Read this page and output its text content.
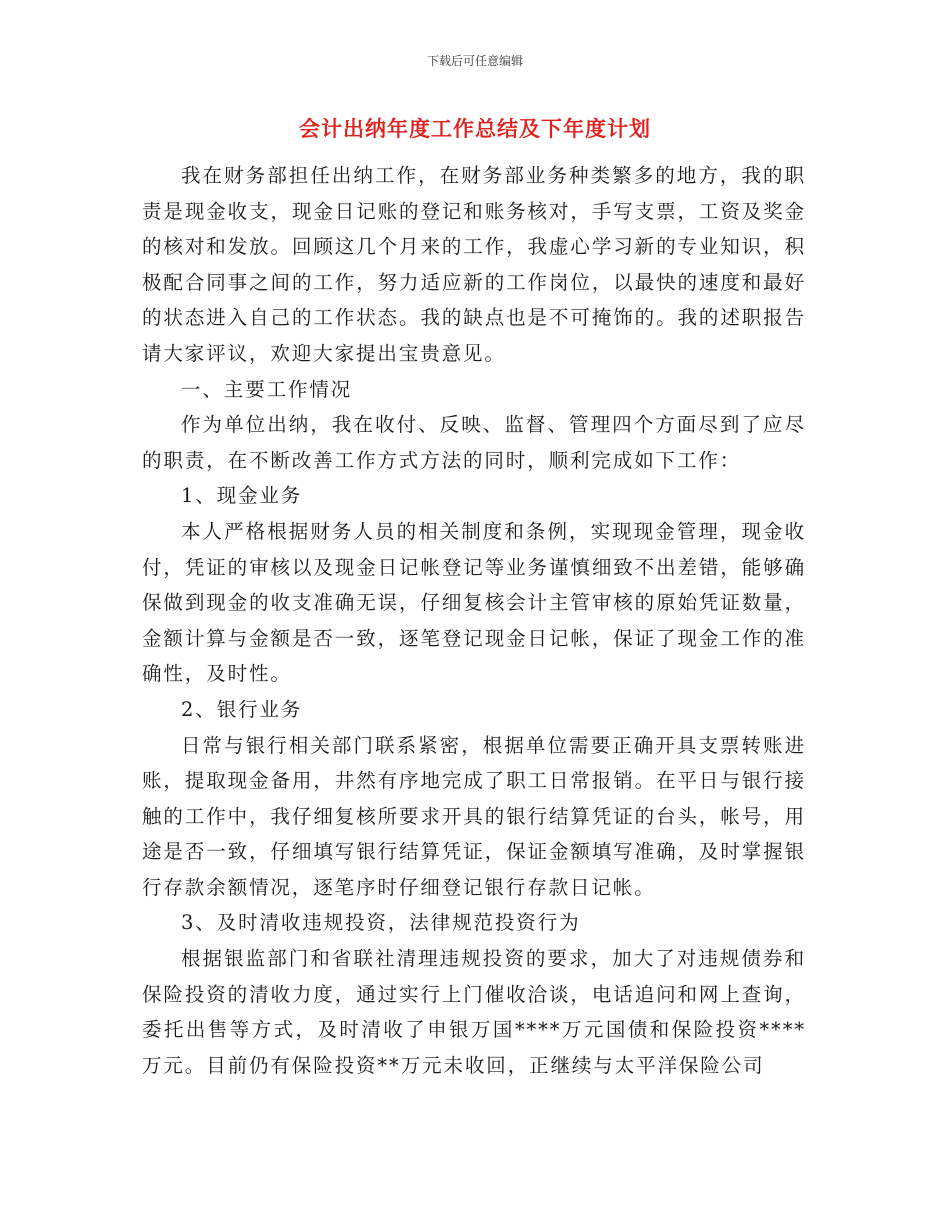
下载后可任意编辑
会计出纳年度工作总结及下年度计划

我在财务部担任出纳工作，在财务部业务种类繁多的地方，我的职责是现金收支，现金日记账的登记和账务核对，手写支票，工资及奖金的核对和发放。回顾这几个月来的工作，我虚心学习新的专业知识，积极配合同事之间的工作，努力适应新的工作岗位，以最快的速度和最好的状态进入自己的工作状态。我的缺点也是不可掩饰的。我的述职报告请大家评议，欢迎大家提出宝贵意见。

一、主要工作情况

作为单位出纳，我在收付、反映、监督、管理四个方面尽到了应尽的职责，在不断改善工作方式方法的同时，顺利完成如下工作：

1、现金业务

本人严格根据财务人员的相关制度和条例，实现现金管理，现金收付，凭证的审核以及现金日记帐登记等业务谨慎细致不出差错，能够确保做到现金的收支准确无误，仔细复核会计主管审核的原始凭证数量，金额计算与金额是否一致，逐笔登记现金日记帐，保证了现金工作的准确性，及时性。

2、银行业务

日常与银行相关部门联系紧密，根据单位需要正确开具支票转账进账，提取现金备用，井然有序地完成了职工日常报销。在平日与银行接触的工作中，我仔细复核所要求开具的银行结算凭证的台头，帐号，用途是否一致，仔细填写银行结算凭证，保证金额填写准确，及时掌握银行存款余额情况，逐笔序时仔细登记银行存款日记帐。

3、及时清收违规投资，法律规范投资行为

根据银监部门和省联社清理违规投资的要求，加大了对违规债券和保险投资的清收力度，通过实行上门催收洽谈，电话追问和网上查询，委托出售等方式，及时清收了申银万国****万元国债和保险投资****万元。目前仍有保险投资**万元未收回，正继续与太平洋保险公司
